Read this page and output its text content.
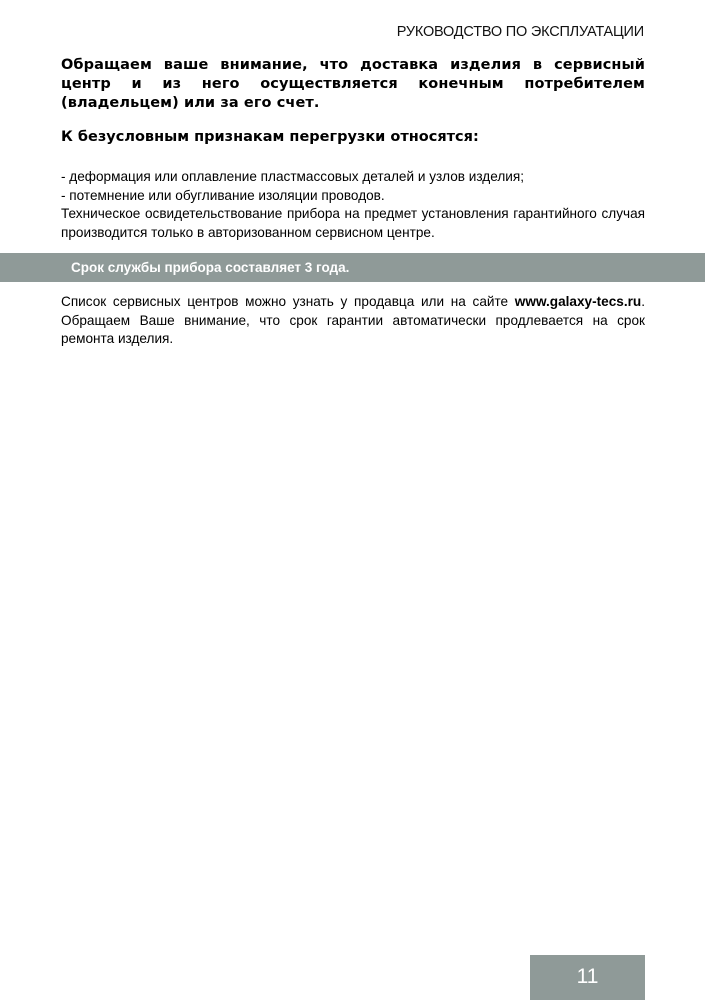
РУКОВОДСТВО ПО ЭКСПЛУАТАЦИИ
Обращаем ваше внимание, что доставка изделия в сервисный центр и из него осуществляется конечным потребителем (владельцем) или за его счет.
К безусловным признакам перегрузки относятся:

- деформация или оплавление пластмассовых деталей и узлов изделия;

- потемнение или обугливание изоляции проводов.

Техническое освидетельствование прибора на предмет установления гарантийного случая производится только в авторизованном сервисном центре.

Срок службы прибора составляет 3 года.
Список сервисных центров можно узнать у продавца или на сайте www.galaxy-tecs.ru. Обращаем Ваше внимание, что срок гарантии автоматически продлевается на срок ремонта изделия.
11
